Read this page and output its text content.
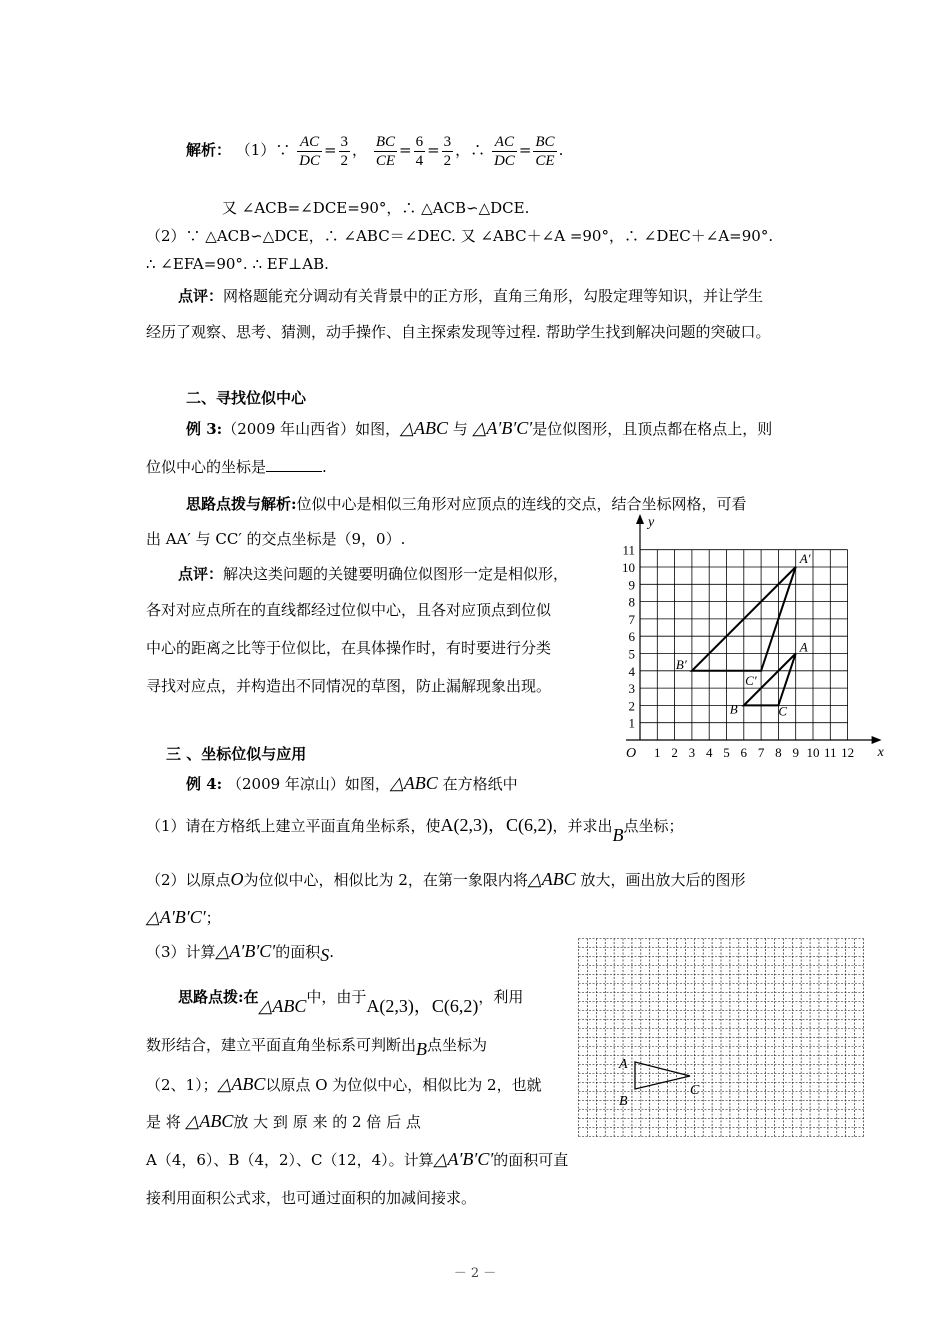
解析： （1）∵ $\frac{AC}{DC} = \frac{3}{2}$ ， $\frac{BC}{CE} = \frac{6}{4} = \frac{3}{2}$ ，∴ $\frac{AC}{DC} = \frac{BC}{CE}$ .
又 ∠ACB=∠DCE=90°，∴ △ACB∽△DCE.
（2）∵ △ACB∽△DCE，∴ ∠ABC＝∠DEC. 又 ∠ABC＋∠A =90°，∴ ∠DEC＋∠A=90°.
∴ ∠EFA=90°. ∴ EF⊥AB.
点评：网格题能充分调动有关背景中的正方形，直角三角形，勾股定理等知识，并让学生
经历了观察、思考、猜测，动手操作、自主探索发现等过程. 帮助学生找到解决问题的突破口。
二、寻找位似中心
例 3:（2009 年山西省）如图，△ABC 与 △A′B′C′是位似图形，且顶点都在格点上，则
位似中心的坐标是	.
思路点拨与解析:位似中心是相似三角形对应顶点的连线的交点，结合坐标网格，可看
出 AA′ 与 CC′ 的交点坐标是（9，0）.
点评：解决这类问题的关键要明确位似图形一定是相似形，
各对对应点所在的直线都经过位似中心，且各对应顶点到位似
中心的距离之比等于位似比，在具体操作时，有时要进行分类
寻找对应点，并构造出不同情况的草图，防止漏解现象出现。
y
x
O 1 2 3 4 5 6 7 8 9 10 11 12
1
2
3
4
5
6
7
8
9
10
11
A′
B′
C′
A
B	C
三 、坐标位似与应用
例 4: （2009 年凉山）如图，△ABC 在方格纸中
（1）请在方格纸上建立平面直角坐标系，使A(2,3)，C(6,2)，并求出B点坐标；
（2）以原点O为位似中心，相似比为 2，在第一象限内将△ABC 放大，画出放大后的图形
△A′B′C′；
（3）计算△A′B′C′的面积S.
思路点拨:在△ABC中，由于A(2,3)，C(6,2)，利用
数形结合，建立平面直角坐标系可判断出B点坐标为
（2、1）；△ABC以原点 O 为位似中心，相似比为 2，也就
是 将 △ABC放 大 到 原 来 的 2 倍 后 点
A（4，6）、B（4，2）、C（12，4）。计算△A′B′C′的面积可直
接利用面积公式求，也可通过面积的加减间接求。
A
B
C
－ 2 －
